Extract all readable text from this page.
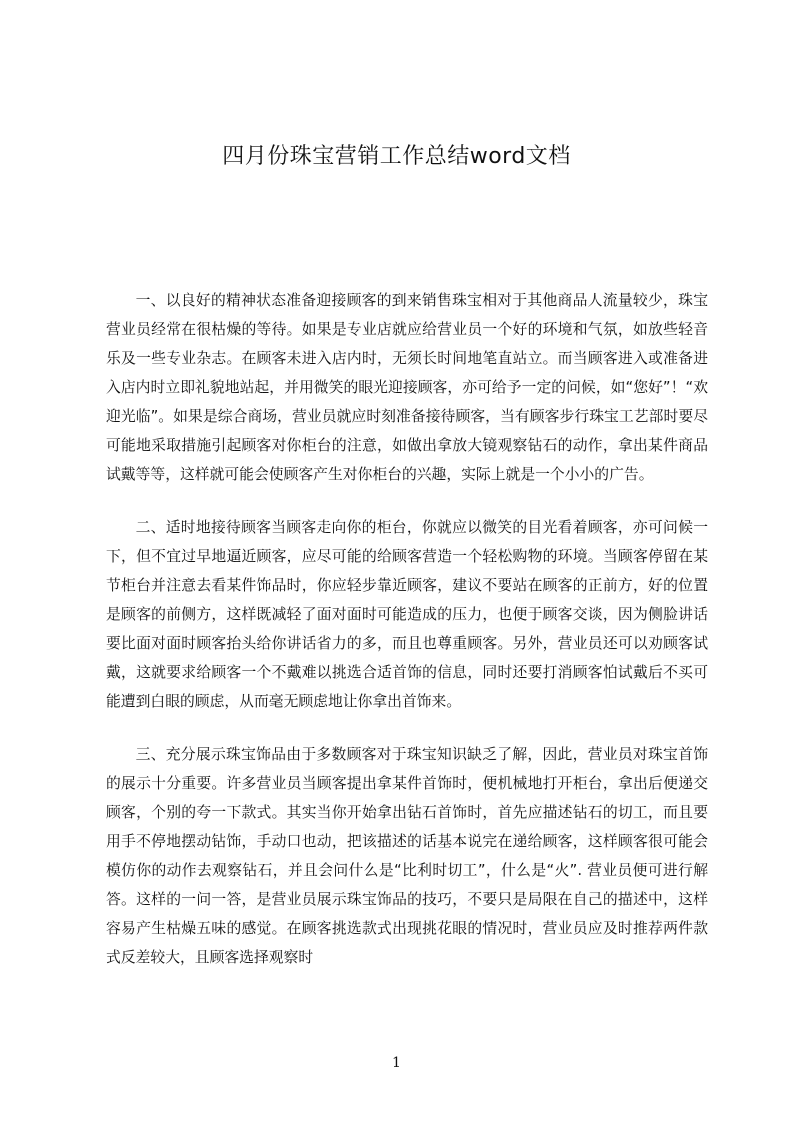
四月份珠宝营销工作总结word文档

一、以良好的精神状态准备迎接顾客的到来销售珠宝相对于其他商品人流量较少，珠宝营业员经常在很枯燥的等待。如果是专业店就应给营业员一个好的环境和气氛，如放些轻音乐及一些专业杂志。在顾客未进入店内时，无须长时间地笔直站立。而当顾客进入或准备进入店内时立即礼貌地站起，并用微笑的眼光迎接顾客，亦可给予一定的问候，如“您好”！“欢迎光临”。如果是综合商场，营业员就应时刻准备接待顾客，当有顾客步行珠宝工艺部时要尽可能地采取措施引起顾客对你柜台的注意，如做出拿放大镜观察钻石的动作，拿出某件商品试戴等等，这样就可能会使顾客产生对你柜台的兴趣，实际上就是一个小小的广告。

二、适时地接待顾客当顾客走向你的柜台，你就应以微笑的目光看着顾客，亦可问候一下，但不宜过早地逼近顾客，应尽可能的给顾客营造一个轻松购物的环境。当顾客停留在某节柜台并注意去看某件饰品时，你应轻步靠近顾客，建议不要站在顾客的正前方，好的位置是顾客的前侧方，这样既减轻了面对面时可能造成的压力，也便于顾客交谈，因为侧脸讲话要比面对面时顾客抬头给你讲话省力的多，而且也尊重顾客。另外，营业员还可以劝顾客试戴，这就要求给顾客一个不戴难以挑选合适首饰的信息，同时还要打消顾客怕试戴后不买可能遭到白眼的顾虑，从而毫无顾虑地让你拿出首饰来。

三、充分展示珠宝饰品由于多数顾客对于珠宝知识缺乏了解，因此，营业员对珠宝首饰的展示十分重要。许多营业员当顾客提出拿某件首饰时，便机械地打开柜台，拿出后便递交顾客，个别的夸一下款式。其实当你开始拿出钻石首饰时，首先应描述钻石的切工，而且要用手不停地摆动钻饰，手动口也动，把该描述的话基本说完在递给顾客，这样顾客很可能会模仿你的动作去观察钻石，并且会问什么是“比利时切工”，什么是“火”. 营业员便可进行解答。这样的一问一答，是营业员展示珠宝饰品的技巧，不要只是局限在自己的描述中，这样容易产生枯燥五味的感觉。在顾客挑选款式出现挑花眼的情况时，营业员应及时推荐两件款式反差较大，且顾客选择观察时

1
